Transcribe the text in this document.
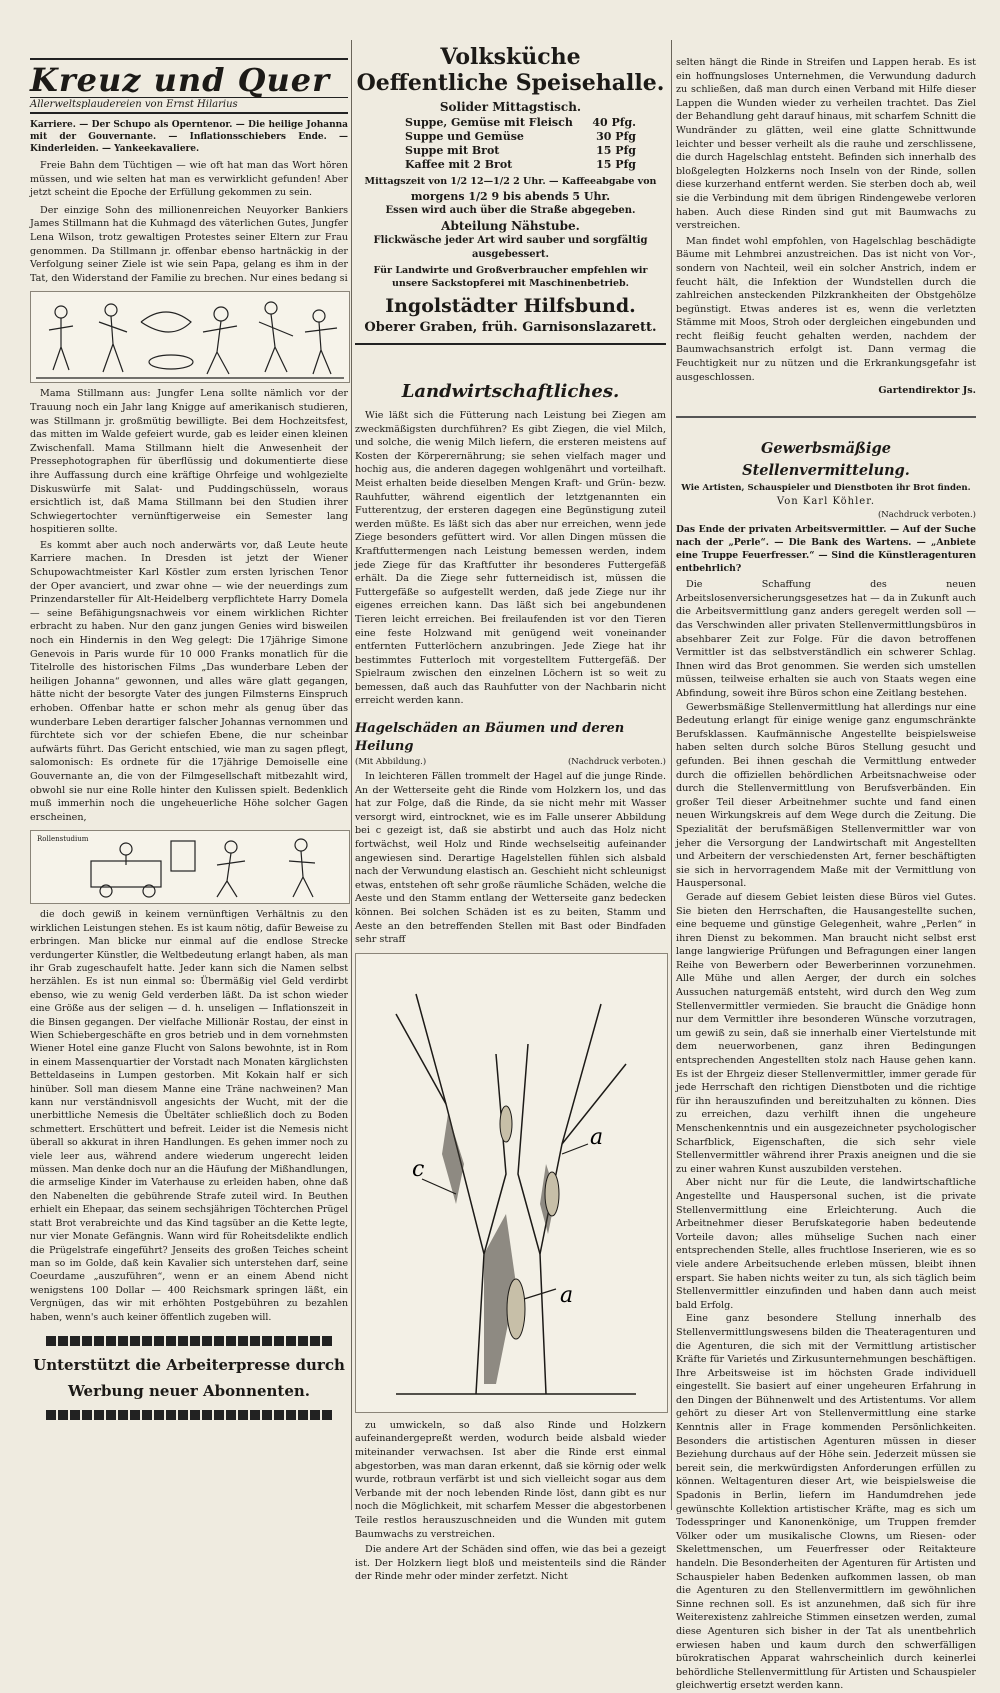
Kreuz und Quer
Allerweltsplaudereien von Ernst Hilarius
Karriere. — Der Schupo als Operntenor. — Die heilige Johanna mit der Gouvernante. — Inflationsschiebers Ende. — Kinderleiden. — Yankeekavaliere.
Freie Bahn dem Tüchtigen — wie oft hat man das Wort hören müssen, und wie selten hat man es verwirklicht gefunden! Aber jetzt scheint die Epoche der Erfüllung gekommen zu sein.
Der einzige Sohn des millionenreichen Neuyorker Bankiers James Stillmann hat die Kuhmagd des väterlichen Gutes, Jungfer Lena Wilson, trotz gewaltigen Protestes seiner Eltern zur Frau genommen. Da Stillmann jr. offenbar ebenso hartnäckig in der Verfolgung seiner Ziele ist wie sein Papa, gelang es ihm in der Tat, den Widerstand der Familie zu brechen. Nur eines bedang si
Mama Stillmann aus: Jungfer Lena sollte nämlich vor der Trauung noch ein Jahr lang Knigge auf amerikanisch studieren, was Stillmann jr. großmütig bewilligte. Bei dem Hochzeitsfest, das mitten im Walde gefeiert wurde, gab es leider einen kleinen Zwischenfall. Mama Stillmann hielt die Anwesenheit der Pressephotographen für überflüssig und dokumentierte diese ihre Auffassung durch eine kräftige Ohrfeige und wohlgezielte Diskuswürfe mit Salat- und Puddingschüsseln, woraus ersichtlich ist, daß Mama Stillmann bei den Studien ihrer Schwiegertochter vernünftigerweise ein Semester lang hospitieren sollte.
Es kommt aber auch noch anderwärts vor, daß Leute heute Karriere machen. In Dresden ist jetzt der Wiener Schupowachtmeister Karl Köstler zum ersten lyrischen Tenor der Oper avanciert, und zwar ohne — wie der neuerdings zum Prinzendarsteller für Alt-Heidelberg verpflichtete Harry Domela — seine Befähigungsnachweis vor einem wirklichen Richter erbracht zu haben. Nur den ganz jungen Genies wird bisweilen noch ein Hindernis in den Weg gelegt: Die 17jährige Simone Genevois in Paris wurde für 10 000 Franks monatlich für die Titelrolle des historischen Films „Das wunderbare Leben der heiligen Johanna“ gewonnen, und alles wäre glatt gegangen, hätte nicht der besorgte Vater des jungen Filmsterns Einspruch erhoben. Offenbar hatte er schon mehr als genug über das wunderbare Leben derartiger falscher Johannas vernommen und fürchtete sich vor der schiefen Ebene, die nur scheinbar aufwärts führt. Das Gericht entschied, wie man zu sagen pflegt, salomonisch: Es ordnete für die 17jährige Demoiselle eine Gouvernante an, die von der Filmgesellschaft mitbezahlt wird, obwohl sie nur eine Rolle hinter den Kulissen spielt. Bedenklich muß immerhin noch die ungeheuerliche Höhe solcher Gagen erscheinen,
Rollenstudium
die doch gewiß in keinem vernünftigen Verhältnis zu den wirklichen Leistungen stehen. Es ist kaum nötig, dafür Beweise zu erbringen. Man blicke nur einmal auf die endlose Strecke verdungerter Künstler, die Weltbedeutung erlangt haben, als man ihr Grab zugeschaufelt hatte. Jeder kann sich die Namen selbst herzählen. Es ist nun einmal so: Übermäßig viel Geld verdirbt ebenso, wie zu wenig Geld verderben läßt. Da ist schon wieder eine Größe aus der seligen — d. h. unseligen — Inflationszeit in die Binsen gegangen. Der vielfache Millionär Rostau, der einst in Wien Schiebergeschäfte en gros betrieb und in dem vornehmsten Wiener Hotel eine ganze Flucht von Salons bewohnte, ist in Rom in einem Massenquartier der Vorstadt nach Monaten kärglichsten Betteldaseins in Lumpen gestorben. Mit Kokain half er sich hinüber. Soll man diesem Manne eine Träne nachweinen? Man kann nur verständnisvoll angesichts der Wucht, mit der die unerbittliche Nemesis die Übeltäter schließlich doch zu Boden schmettert. Erschüttert und befreit. Leider ist die Nemesis nicht überall so akkurat in ihren Handlungen. Es gehen immer noch zu viele leer aus, während andere wiederum ungerecht leiden müssen. Man denke doch nur an die Häufung der Mißhandlungen, die armselige Kinder im Vaterhause zu erleiden haben, ohne daß den Nabenelten die gebührende Strafe zuteil wird. In Beuthen erhielt ein Ehepaar, das seinem sechsjährigen Töchterchen Prügel statt Brot verabreichte und das Kind tagsüber an die Kette legte, nur vier Monate Gefängnis. Wann wird für Roheitsdelikte endlich die Prügelstrafe eingeführt? Jenseits des großen Teiches scheint man so im Golde, daß kein Kavalier sich unterstehen darf, seine Coeurdame „auszuführen“, wenn er an einem Abend nicht wenigstens 100 Dollar — 400 Reichsmark springen läßt, ein Vergnügen, das wir mit erhöhten Postgebühren zu bezahlen haben, wenn's auch keiner öffentlich zugeben will.
Unterstützt die Arbeiterpresse durch
Werbung neuer Abonnenten.
Volksküche
Oeffentliche Speisehalle.
Solider Mittagstisch.
Suppe, Gemüse mit Fleisch 40 Pfg.
Suppe und Gemüse	30 Pfg
Suppe mit Brot	15 Pfg
Kaffee mit 2 Brot	15 Pfg
Mittagszeit von 1/2 12—1/2 2 Uhr. — Kaffeeabgabe von
morgens 1/2 9 bis abends 5 Uhr.
Essen wird auch über die Straße abgegeben.
Abteilung Nähstube.
Flickwäsche jeder Art wird sauber und sorgfältig ausgebessert.
Für Landwirte und Großverbraucher empfehlen wir
unsere Sackstopferei mit Maschinenbetrieb.
Ingolstädter Hilfsbund.
Oberer Graben, früh. Garnisonslazarett.
Landwirtschaftliches.
Wie läßt sich die Fütterung nach Leistung bei Ziegen am zweckmäßigsten durchführen? Es gibt Ziegen, die viel Milch, und solche, die wenig Milch liefern, die ersteren meistens auf Kosten der Körperernährung; sie sehen vielfach mager und hochig aus, die anderen dagegen wohlgenährt und vorteilhaft. Meist erhalten beide dieselben Mengen Kraft- und Grün- bezw. Rauhfutter, während eigentlich der letztgenannten ein Futterentzug, der ersteren dagegen eine Begünstigung zuteil werden müßte. Es läßt sich das aber nur erreichen, wenn jede Ziege besonders gefüttert wird. Vor allen Dingen müssen die Kraftfuttermengen nach Leistung bemessen werden, indem jede Ziege für das Kraftfutter ihr besonderes Futtergefäß erhält. Da die Ziege sehr futterneidisch ist, müssen die Futtergefäße so aufgestellt werden, daß jede Ziege nur ihr eigenes erreichen kann. Das läßt sich bei angebundenen Tieren leicht erreichen. Bei freilaufenden ist vor den Tieren eine feste Holzwand mit genügend weit voneinander entfernten Futterlöchern anzubringen. Jede Ziege hat ihr bestimmtes Futterloch mit vorgestelltem Futtergefäß. Der Spielraum zwischen den einzelnen Löchern ist so weit zu bemessen, daß auch das Rauhfutter von der Nachbarin nicht erreicht werden kann.
Hagelschäden an Bäumen und deren Heilung
(Mit Abbildung.)	(Nachdruck verboten.)
In leichteren Fällen trommelt der Hagel auf die junge Rinde. An der Wetterseite geht die Rinde vom Holzkern los, und das hat zur Folge, daß die Rinde, da sie nicht mehr mit Wasser versorgt wird, eintrocknet, wie es im Falle unserer Abbildung bei c gezeigt ist, daß sie abstirbt und auch das Holz nicht fortwächst, weil Holz und Rinde wechselseitig aufeinander angewiesen sind. Derartige Hagelstellen fühlen sich alsbald nach der Verwundung elastisch an. Geschieht nicht schleunigst etwas, entstehen oft sehr große räumliche Schäden, welche die Aeste und den Stamm entlang der Wetterseite ganz bedecken können. Bei solchen Schäden ist es zu beiten, Stamm und Aeste an den betreffenden Stellen mit Bast oder Bindfaden sehr straff
c
a
a
zu umwickeln, so daß also Rinde und Holzkern aufeinandergepreßt werden, wodurch beide alsbald wieder miteinander verwachsen. Ist aber die Rinde erst einmal abgestorben, was man daran erkennt, daß sie körnig oder welk wurde, rotbraun verfärbt ist und sich vielleicht sogar aus dem Verbande mit der noch lebenden Rinde löst, dann gibt es nur noch die Möglichkeit, mit scharfem Messer die abgestorbenen Teile restlos herauszuschneiden und die Wunden mit gutem Baumwachs zu verstreichen.
Die andere Art der Schäden sind offen, wie das bei a gezeigt ist. Der Holzkern liegt bloß und meistenteils sind die Ränder der Rinde mehr oder minder zerfetzt. Nicht
selten hängt die Rinde in Streifen und Lappen herab. Es ist ein hoffnungsloses Unternehmen, die Verwundung dadurch zu schließen, daß man durch einen Verband mit Hilfe dieser Lappen die Wunden wieder zu verheilen trachtet. Das Ziel der Behandlung geht darauf hinaus, mit scharfem Schnitt die Wundränder zu glätten, weil eine glatte Schnittwunde leichter und besser verheilt als die rauhe und zerschlissene, die durch Hagelschlag entsteht. Befinden sich innerhalb des bloßgelegten Holzkerns noch Inseln von der Rinde, sollen diese kurzerhand entfernt werden. Sie sterben doch ab, weil sie die Verbindung mit dem übrigen Rindengewebe verloren haben. Auch diese Rinden sind gut mit Baumwachs zu verstreichen.
Man findet wohl empfohlen, von Hagelschlag beschädigte Bäume mit Lehmbrei anzustreichen. Das ist nicht von Vor-, sondern von Nachteil, weil ein solcher Anstrich, indem er feucht hält, die Infektion der Wundstellen durch die zahlreichen ansteckenden Pilzkrankheiten der Obstgehölze begünstigt. Etwas anderes ist es, wenn die verletzten Stämme mit Moos, Stroh oder dergleichen eingebunden und recht fleißig feucht gehalten werden, nachdem der Baumwachsanstrich erfolgt ist. Dann vermag die Feuchtigkeit nur zu nützen und die Erkrankungsgefahr ist ausgeschlossen.
Gartendirektor Js.
Gewerbsmäßige Stellenvermittelung.
Wie Artisten, Schauspieler und Dienstboten ihr Brot finden.
Von Karl Köhler.
(Nachdruck verboten.)
Das Ende der privaten Arbeitsvermittler. — Auf der Suche nach der „Perle“. — Die Bank des Wartens. — „Anbiete eine Truppe Feuerfresser.“ — Sind die Künstleragenturen entbehrlich?
Die Schaffung des neuen Arbeitslosenversicherungsgesetzes hat — da in Zukunft auch die Arbeitsvermittlung ganz anders geregelt werden soll — das Verschwinden aller privaten Stellenvermittlungsbüros in absehbarer Zeit zur Folge. Für die davon betroffenen Vermittler ist das selbstverständlich ein schwerer Schlag. Ihnen wird das Brot genommen. Sie werden sich umstellen müssen, teilweise erhalten sie auch von Staats wegen eine Abfindung, soweit ihre Büros schon eine Zeitlang bestehen.
Gewerbsmäßige Stellenvermittlung hat allerdings nur eine Bedeutung erlangt für einige wenige ganz engumschränkte Berufsklassen. Kaufmännische Angestellte beispielsweise haben selten durch solche Büros Stellung gesucht und gefunden. Bei ihnen geschah die Vermittlung entweder durch die offiziellen behördlichen Arbeitsnachweise oder durch die Stellenvermittlung von Berufsverbänden. Ein großer Teil dieser Arbeitnehmer suchte und fand einen neuen Wirkungskreis auf dem Wege durch die Zeitung. Die Spezialität der berufsmäßigen Stellenvermittler war von jeher die Versorgung der Landwirtschaft mit Angestellten und Arbeitern der verschiedensten Art, ferner beschäftigten sie sich in hervorragendem Maße mit der Vermittlung von Hauspersonal.
Gerade auf diesem Gebiet leisten diese Büros viel Gutes. Sie bieten den Herrschaften, die Hausangestellte suchen, eine bequeme und günstige Gelegenheit, wahre „Perlen“ in ihren Dienst zu bekommen. Man braucht nicht selbst erst lange langwierige Prüfungen und Befragungen einer langen Reihe von Bewerbern oder Bewerberinnen vorzunehmen. Alle Mühe und allen Aerger, der durch ein solches Aussuchen naturgemäß entsteht, wird durch den Weg zum Stellenvermittler vermieden. Sie braucht die Gnädige honn nur dem Vermittler ihre besonderen Wünsche vorzutragen, um gewiß zu sein, daß sie innerhalb einer Viertelstunde mit dem neuerworbenen, ganz ihren Bedingungen entsprechenden Angestellten stolz nach Hause gehen kann. Es ist der Ehrgeiz dieser Stellenvermittler, immer gerade für jede Herrschaft den richtigen Dienstboten und die richtige für ihn herauszufinden und bereitzuhalten zu können. Dies zu erreichen, dazu verhilft ihnen die ungeheure Menschenkenntnis und ein ausgezeichneter psychologischer Scharfblick, Eigenschaften, die sich sehr viele Stellenvermittler während ihrer Praxis aneignen und die sie zu einer wahren Kunst auszubilden verstehen.
Aber nicht nur für die Leute, die landwirtschaftliche Angestellte und Hauspersonal suchen, ist die private Stellenvermittlung eine Erleichterung. Auch die Arbeitnehmer dieser Berufskategorie haben bedeutende Vorteile davon; alles mühselige Suchen nach einer entsprechenden Stelle, alles fruchtlose Inserieren, wie es so viele andere Arbeitsuchende erleben müssen, bleibt ihnen erspart. Sie haben nichts weiter zu tun, als sich täglich beim Stellenvermittler einzufinden und haben dann auch meist bald Erfolg.
Eine ganz besondere Stellung innerhalb des Stellenvermittlungswesens bilden die Theateragenturen und die Agenturen, die sich mit der Vermittlung artistischer Kräfte für Varietés und Zirkusunternehmungen beschäftigen. Ihre Arbeitsweise ist im höchsten Grade individuell eingestellt. Sie basiert auf einer ungeheuren Erfahrung in den Dingen der Bühnenwelt und des Artistentums. Vor allem gehört zu dieser Art von Stellenvermittlung eine starke Kenntnis aller in Frage kommenden Persönlichkeiten. Besonders die artistischen Agenturen müssen in dieser Beziehung durchaus auf der Höhe sein. Jederzeit müssen sie bereit sein, die merkwürdigsten Anforderungen erfüllen zu können. Weltagenturen dieser Art, wie beispielsweise die Spadonis in Berlin, liefern im Handumdrehen jede gewünschte Kollektion artistischer Kräfte, mag es sich um Todesspringer und Kanonenkönige, um Truppen fremder Völker oder um musikalische Clowns, um Riesen- oder Skelettmenschen, um Feuerfresser oder Reitakteure handeln. Die Besonderheiten der Agenturen für Artisten und Schauspieler haben Bedenken aufkommen lassen, ob man die Agenturen zu den Stellenvermittlern im gewöhnlichen Sinne rechnen soll. Es ist anzunehmen, daß sich für ihre Weiterexistenz zahlreiche Stimmen einsetzen werden, zumal diese Agenturen sich bisher in der Tat als unentbehrlich erwiesen haben und kaum durch den schwerfälligen bürokratischen Apparat wahrscheinlich durch keinerlei behördliche Stellenvermittlung für Artisten und Schauspieler gleichwertig ersetzt werden kann.
